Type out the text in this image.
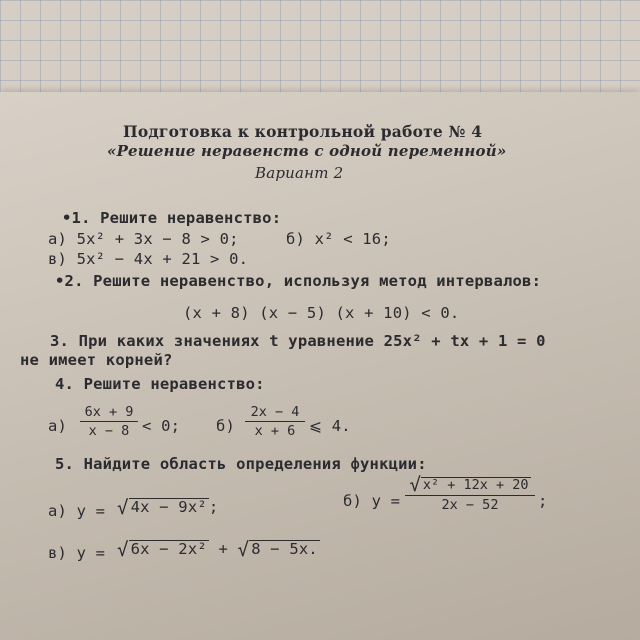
Подготовка к контрольной работе № 4
«Решение неравенств с одной переменной»
Вариант 2
•1. Решите неравенство:
а) 5x² + 3x − 8 > 0;	б) x² < 16;
в) 5x² − 4x + 21 > 0.
•2. Решите неравенство, используя метод интервалов:
(x + 8) (x − 5) (x + 10) < 0.
3. При каких значениях t уравнение 25x² + tx + 1 = 0
не имеет корней?
4. Решите неравенство:
а)
6x + 9
x − 8 < 0; б)
2x − 4
x + 6 ⩽ 4.
5. Найдите область определения функции:
а) y = √ 4x − 9x² ;	б) y =
√ x² + 12x + 20
2x − 52	;
в) y = √ 6x − 2x² + √ 8 − 5x.
